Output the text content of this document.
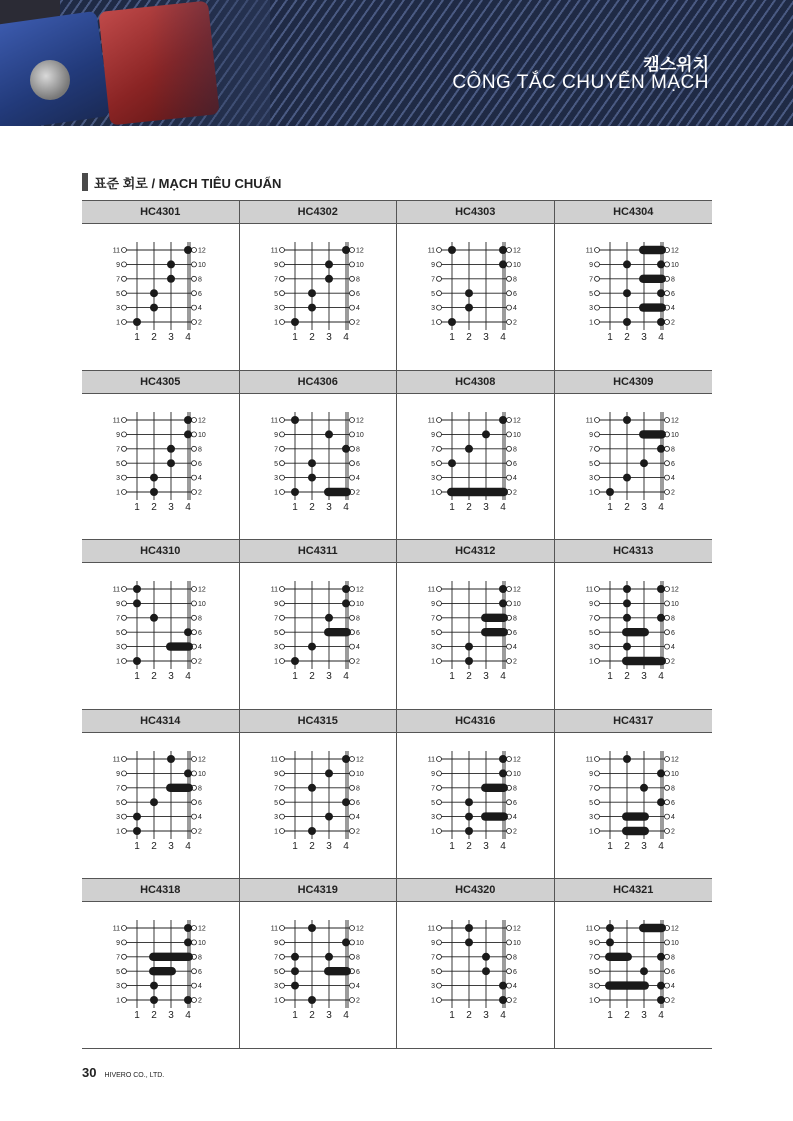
캠스위치
CÔNG TẮC CHUYỂN MẠCH
표준 회로 / MẠCH TIÊU CHUẨN
HC4301
11	12
9	10
7	8
5	6
3	4
1	2
1 2 3 4
HC4302
11	12
9	10
7	8
5	6
3	4
1	2
1 2 3 4
HC4303
11	12
9	10
7	8
5	6
3	4
1	2
1 2 3 4
HC4304
11	12
9	10
7	8
5	6
3	4
1	2
1 2 3 4
HC4305
11	12
9	10
7	8
5	6
3	4
1	2
1 2 3 4
HC4306
11	12
9	10
7	8
5	6
3	4
1	2
1 2 3 4
HC4308
11	12
9	10
7	8
5	6
3	4
1	2
1 2 3 4
HC4309
11	12
9	10
7	8
5	6
3	4
1	2
1 2 3 4
HC4310
11	12
9	10
7	8
5	6
3	4
1	2
1 2 3 4
HC4311
11	12
9	10
7	8
5	6
3	4
1	2
1 2 3 4
HC4312
11	12
9	10
7	8
5	6
3	4
1	2
1 2 3 4
HC4313
11	12
9	10
7	8
5	6
3	4
1	2
1 2 3 4
HC4314
11	12
9	10
7	8
5	6
3	4
1	2
1 2 3 4
HC4315
11	12
9	10
7	8
5	6
3	4
1	2
1 2 3 4
HC4316
11	12
9	10
7	8
5	6
3	4
1	2
1 2 3 4
HC4317
11	12
9	10
7	8
5	6
3	4
1	2
1 2 3 4
HC4318
11	12
9	10
7	8
5	6
3	4
1	2
1 2 3 4
HC4319
11	12
9	10
7	8
5	6
3	4
1	2
1 2 3 4
HC4320
11	12
9	10
7	8
5	6
3	4
1	2
1 2 3 4
HC4321
11	12
9	10
7	8
5	6
3	4
1	2
1 2 3 4
30 HIVERO CO., LTD.
